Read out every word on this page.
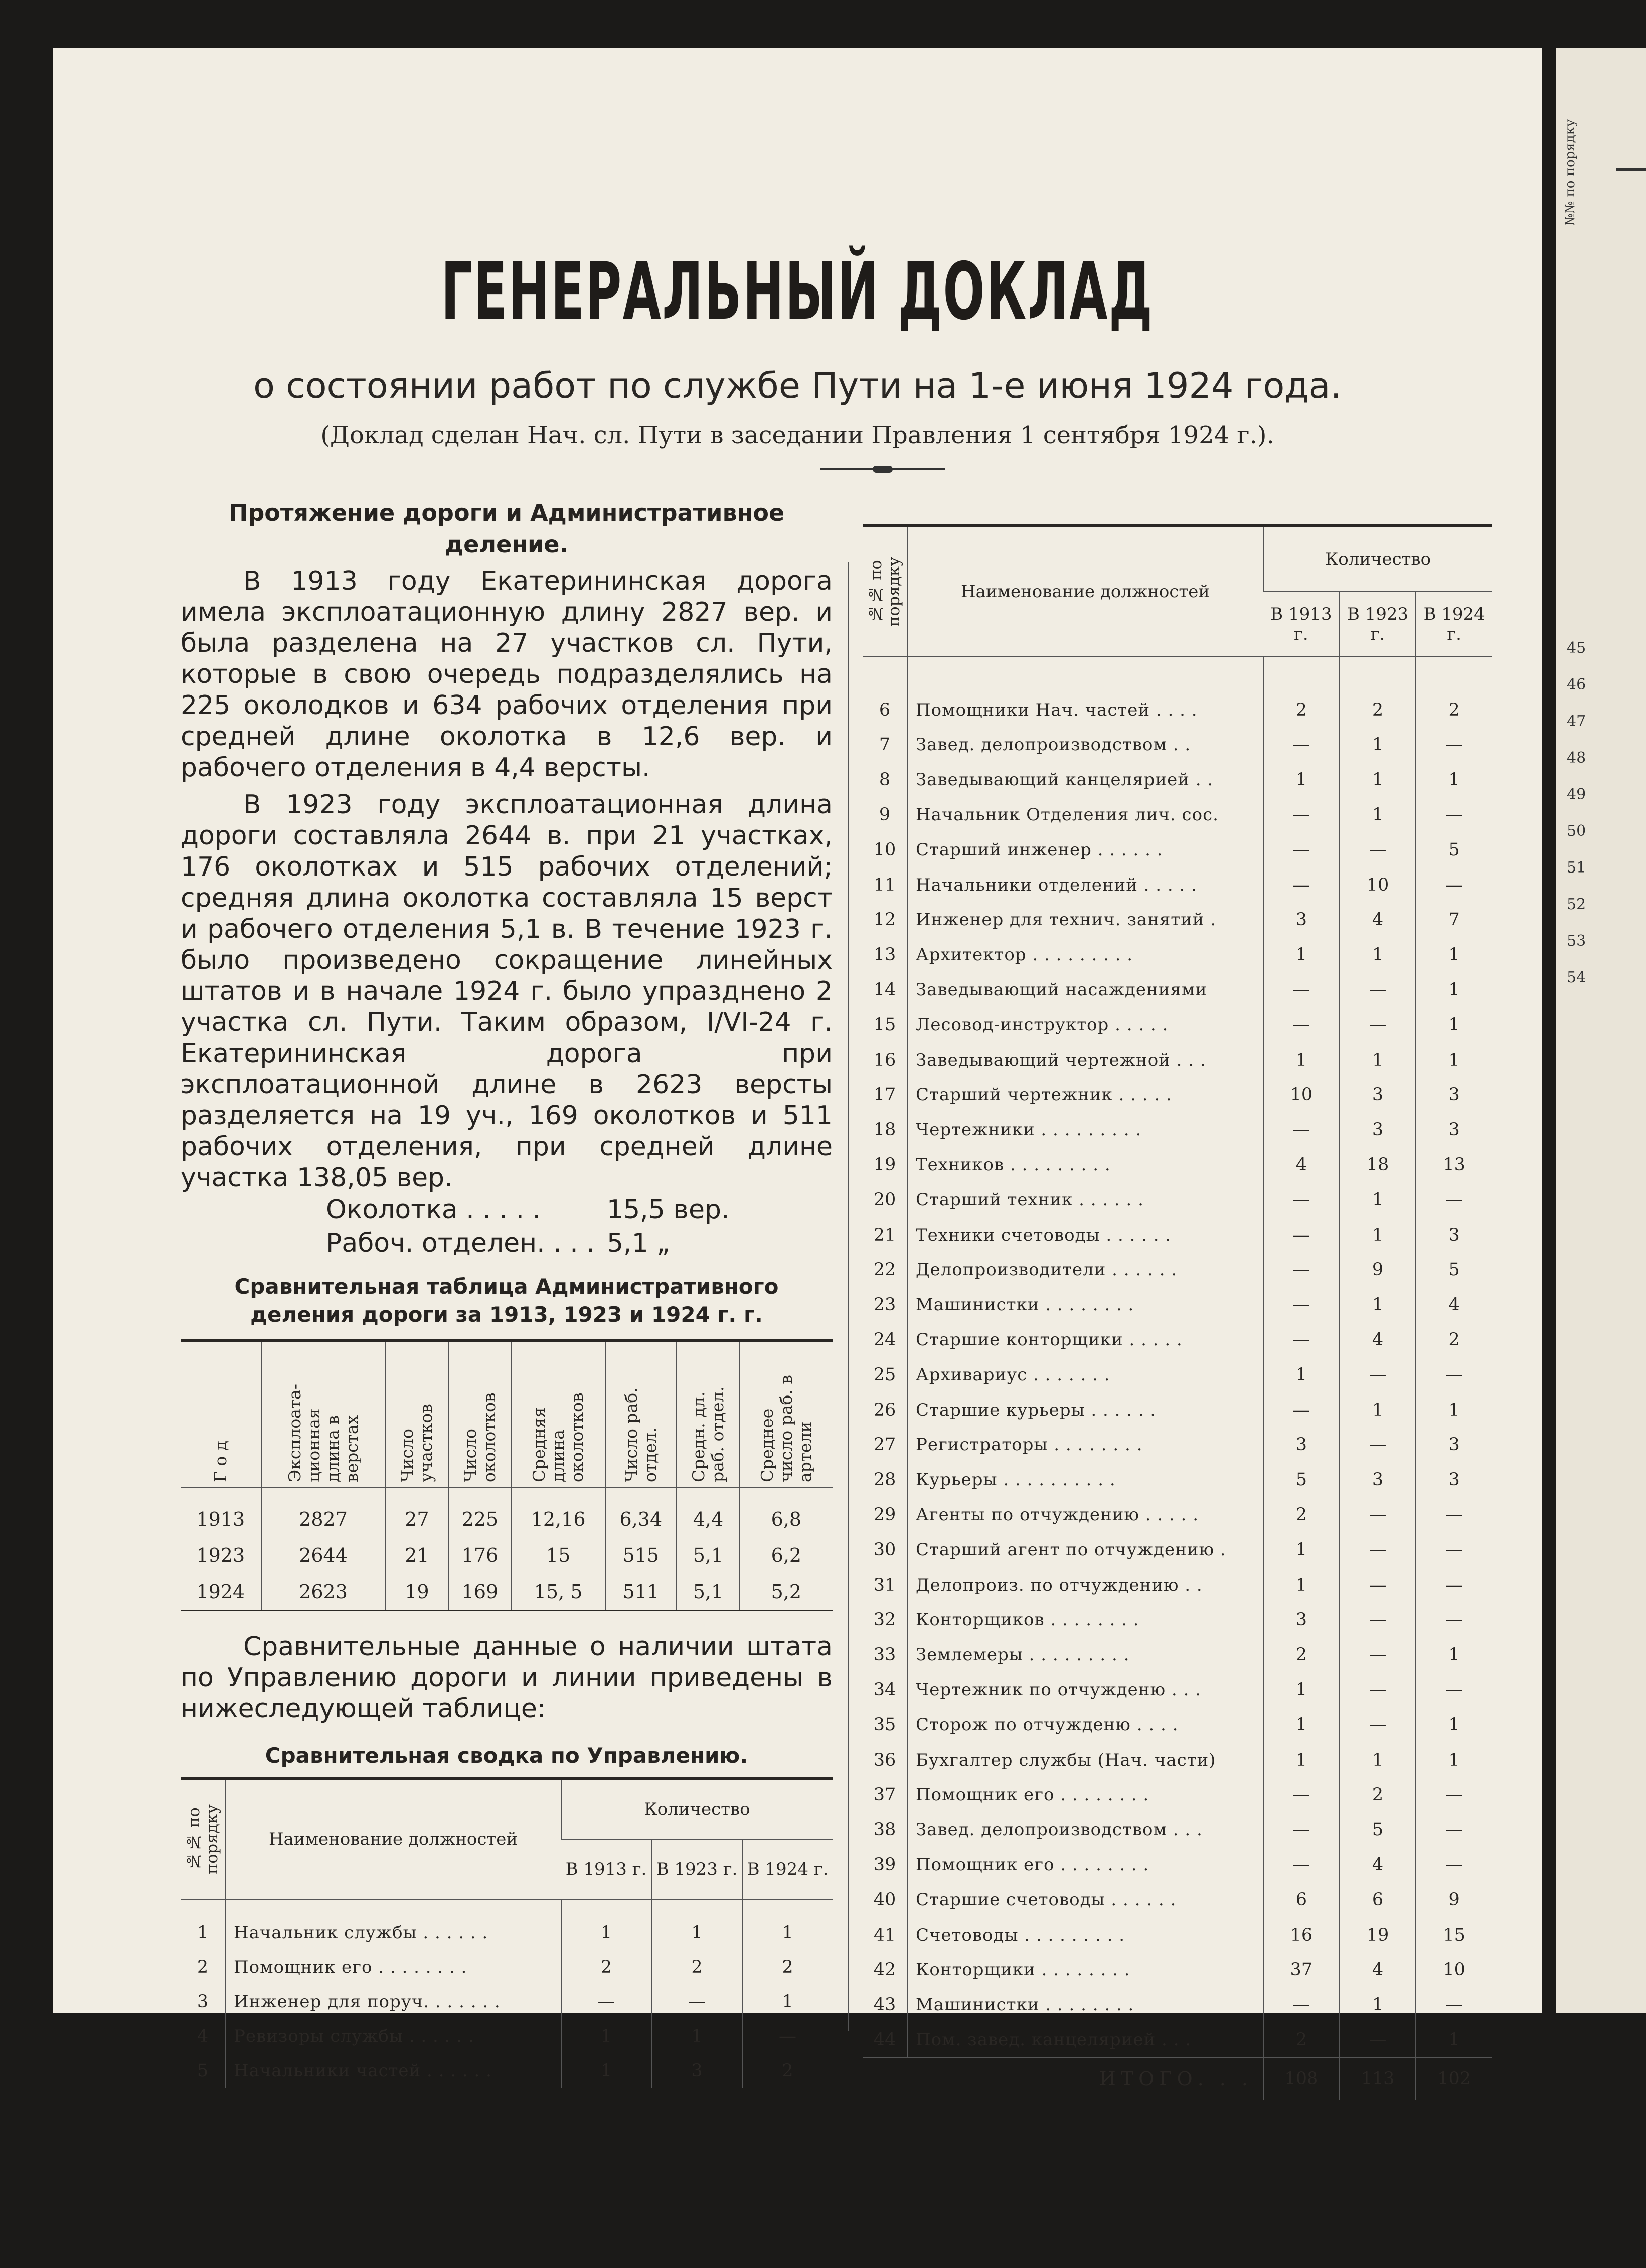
№№ по порядку
45
46
47
48
49
50
51
52
53
54
ГЕНЕРАЛЬНЫЙ ДОКЛАД
о состоянии работ по службе Пути на 1-е июня 1924 года.
(Доклад сделан Нач. сл. Пути в заседании Правления 1 сентября 1924 г.).
Протяжение дороги и Административное деление.

В 1913 году Екатерининская дорога имела эксплоатационную длину 2827 вер. и была разделена на 27 участков сл. Пути, которые в свою очередь подразделялись на 225 околодков и 634 рабочих отделения при средней длине околотка в 12,6 вер. и рабочего отделения в 4,4 версты.

В 1923 году эксплоатационная длина дороги составляла 2644 в. при 21 участках, 176 околотках и 515 рабочих отделений; средняя длина околотка составляла 15 верст и рабочего отделения 5,1 в. В течение 1923 г. было произведено сокращение линейных штатов и в начале 1924 г. было упразднено 2 участка сл. Пути. Таким образом, I/VI-24 г. Екатерининская дорога при эксплоатационной длине в 2623 версты разделяется на 19 уч., 169 околотков и 511 рабочих отделения, при средней длине участка 138,05 вер.

Околотка . . . . .	15,5 вер.
Рабоч. отделен. . . . 5,1 „
Сравнительная таблица Административного деления дороги за 1913, 1923 и 1924 г. г.
Г о д	Эксплоата- ционная длина в верстах	Число участков	Число околотков	Средняя длина околотков	Число раб. отдел.	Средн. дл. раб. отдел.	Среднее число раб. в артели

1913	2827	27	225	12,16	6,34	4,4	6,8
1923	2644	21	176	15	515	5,1	6,2
1924	2623	19	169	15, 5	511	5,1	5,2

Сравнительные данные о наличии штата по Управлению дороги и линии приведены в нижеследующей таблице:

Сравнительная сводка по Управлению.
№№ по порядку	Наименование должностей	Количество		
		В 1913 г.	В 1923 г.	В 1924 г.

1	Начальник службы . . . . . .	1	1	1
2	Помощник его . . . . . . . .	2	2	2
3	Инженер для поруч. . . . . . .	—	—	1
4	Ревизоры службы . . . . . .	1	1	—
5	Начальники частей . . . . . .	1	3	2
№№ по порядку	Наименование должностей	Количество		
		В 1913 г.	В 1923 г.	В 1924 г.

6	Помощники Нач. частей . . . .	2	2	2
7	Завед. делопроизводством . .	—	1	—
8	Заведывающий канцелярией . .	1	1	1
9	Начальник Отделения лич. сос.	—	1	—
10	Старший инженер . . . . . .	—	—	5
11	Начальники отделений . . . . .	—	10	—
12	Инженер для технич. занятий .	3	4	7
13	Архитектор . . . . . . . . .	1	1	1
14	Заведывающий насаждениями	—	—	1
15	Лесовод-инструктор . . . . .	—	—	1
16	Заведывающий чертежной . . .	1	1	1
17	Старший чертежник . . . . .	10	3	3
18	Чертежники . . . . . . . . .	—	3	3
19	Техников . . . . . . . . .	4	18	13
20	Старший техник . . . . . .	—	1	—
21	Техники счетоводы . . . . . .	—	1	3
22	Делопроизводители . . . . . .	—	9	5
23	Машинистки . . . . . . . .	—	1	4
24	Старшие конторщики . . . . .	—	4	2
25	Архивариус . . . . . . .	1	—	—
26	Старшие курьеры . . . . . .	—	1	1
27	Регистраторы . . . . . . . .	3	—	3
28	Курьеры . . . . . . . . . .	5	3	3
29	Агенты по отчуждению . . . . .	2	—	—
30	Старший агент по отчуждению .	1	—	—
31	Делопроиз. по отчуждению . .	1	—	—
32	Конторщиков . . . . . . . .	3	—	—
33	Землемеры . . . . . . . . .	2	—	1
34	Чертежник по отчужденю . . .	1	—	—
35	Сторож по отчужденю . . . .	1	—	1
36	Бухгалтер службы (Нач. части)	1	1	1
37	Помощник его . . . . . . . .	—	2	—
38	Завед. делопроизводством . . .	—	5	—
39	Помощник его . . . . . . . .	—	4	—
40	Старшие счетоводы . . . . . .	6	6	9
41	Счетоводы . . . . . . . . .	16	19	15
42	Конторщики . . . . . . . .	37	4	10
43	Машинистки . . . . . . . .	—	1	—
44	Пом. завед. канцелярией . . .	2	—	1
ИТОГО. . .		108	113	102
